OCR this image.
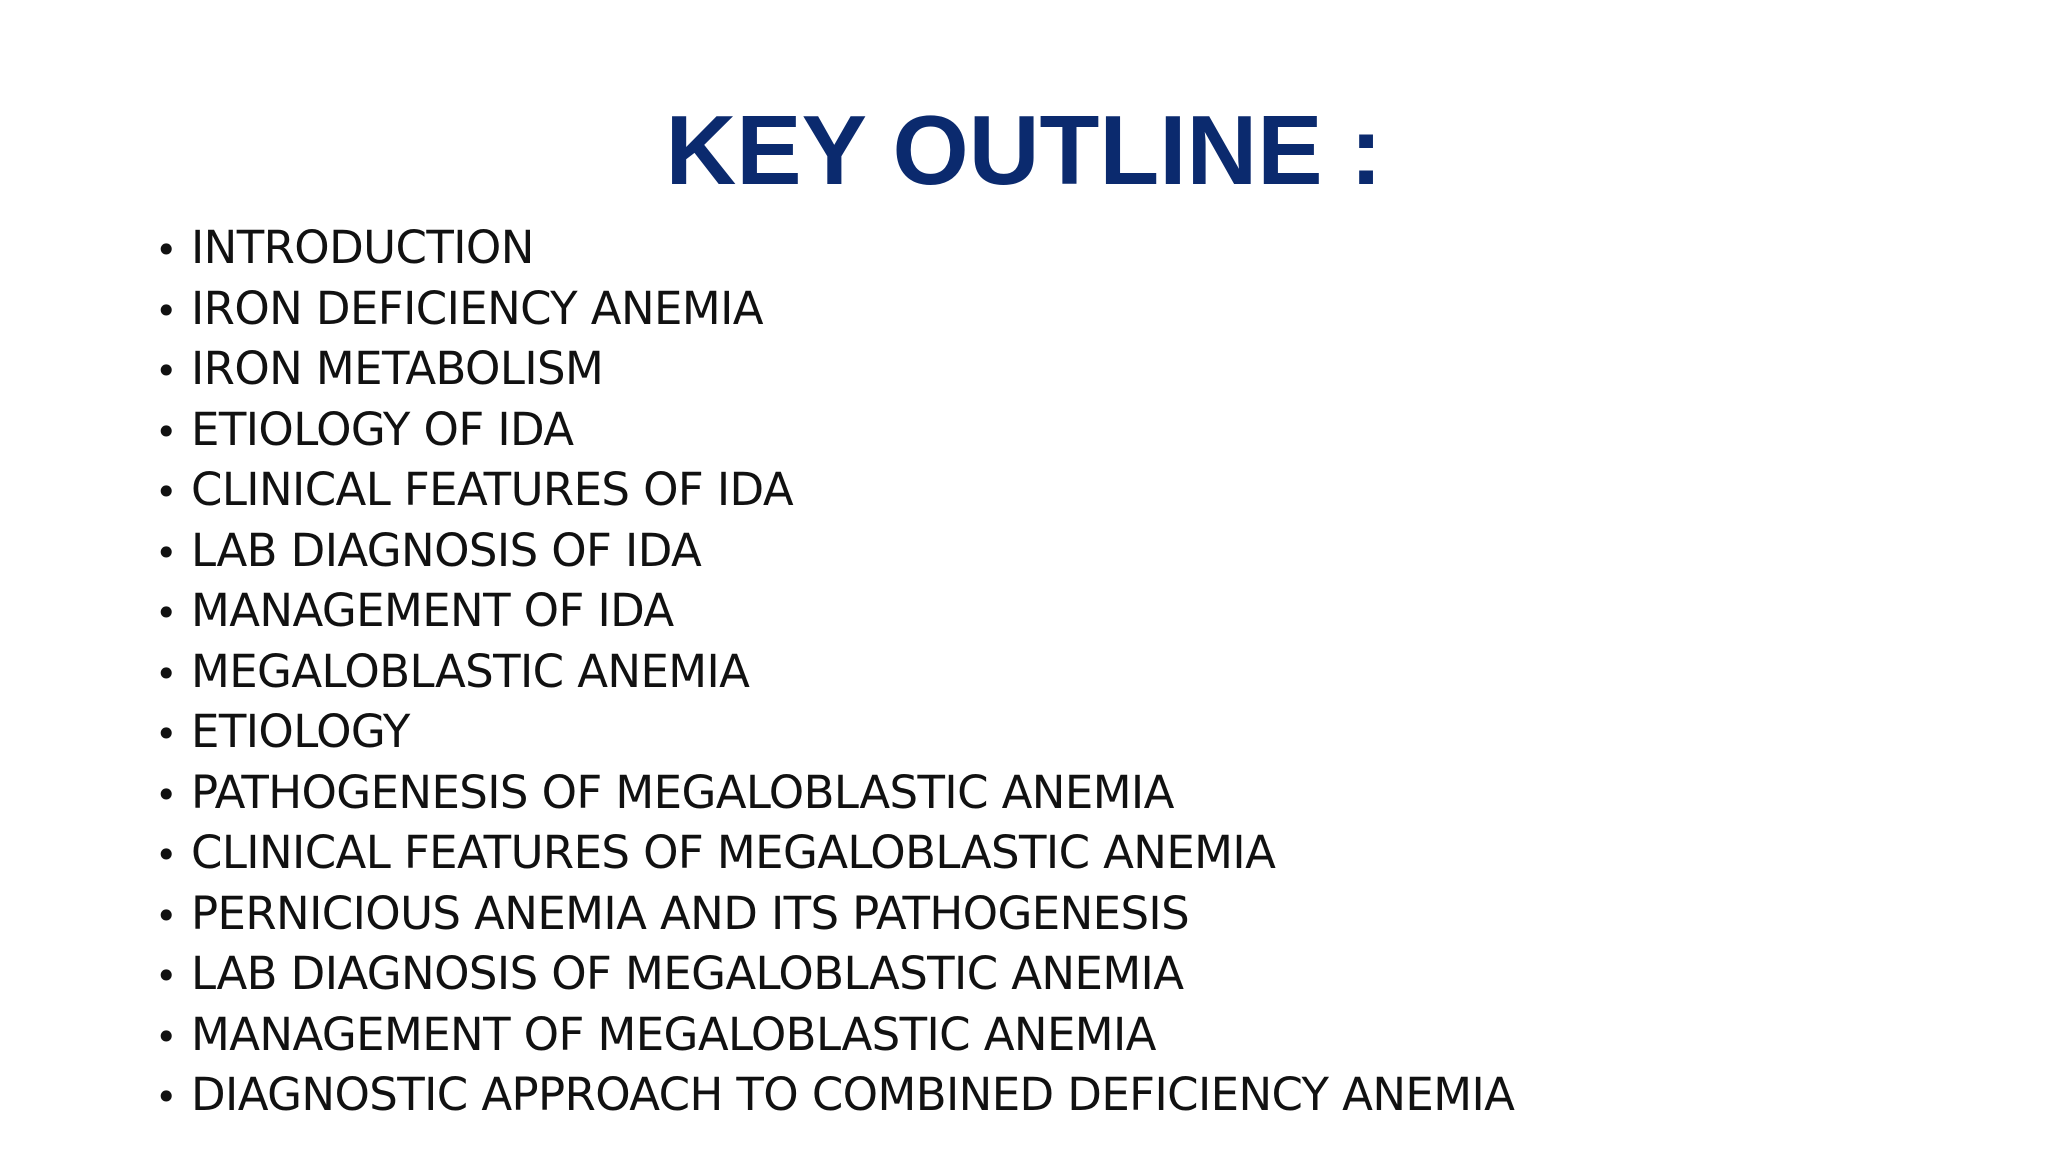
KEY OUTLINE :
• INTRODUCTION
• IRON DEFICIENCY ANEMIA
• IRON METABOLISM
• ETIOLOGY OF IDA
• CLINICAL FEATURES OF IDA
• LAB DIAGNOSIS OF IDA
• MANAGEMENT OF IDA
• MEGALOBLASTIC ANEMIA
• ETIOLOGY
• PATHOGENESIS OF MEGALOBLASTIC ANEMIA
• CLINICAL FEATURES OF MEGALOBLASTIC ANEMIA
• PERNICIOUS ANEMIA AND ITS PATHOGENESIS
• LAB DIAGNOSIS OF MEGALOBLASTIC ANEMIA
• MANAGEMENT OF MEGALOBLASTIC ANEMIA
• DIAGNOSTIC APPROACH TO COMBINED DEFICIENCY ANEMIA
